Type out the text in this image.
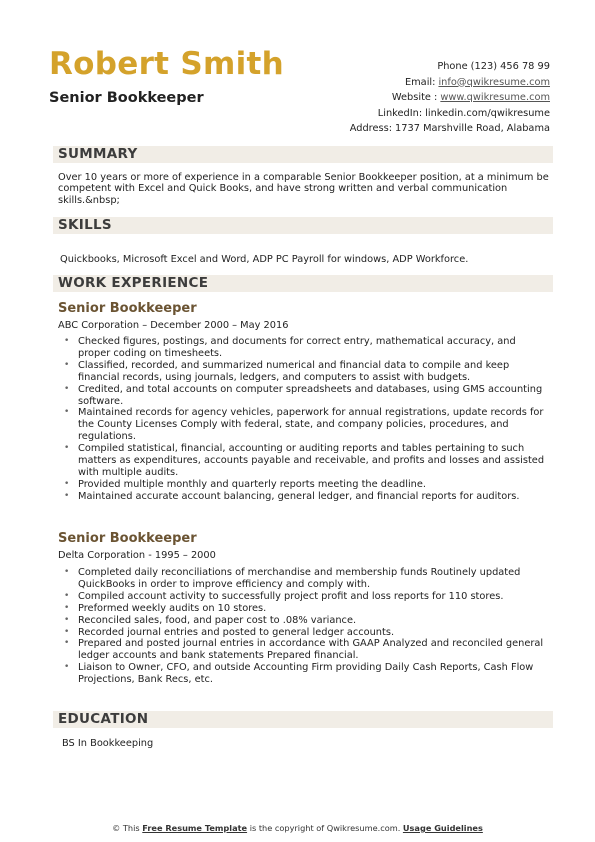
Robert Smith
Senior Bookkeeper
Phone (123) 456 78 99
Email: info@qwikresume.com
Website : www.qwikresume.com
LinkedIn: linkedin.com/qwikresume
Address: 1737 Marshville Road, Alabama
SUMMARY
Over 10 years or more of experience in a comparable Senior Bookkeeper position, at a minimum be competent with Excel and Quick Books, and have strong written and verbal communication skills.&nbsp;
SKILLS
Quickbooks, Microsoft Excel and Word, ADP PC Payroll for windows, ADP Workforce.
WORK EXPERIENCE
Senior Bookkeeper
ABC Corporation – December 2000 – May 2016
• Checked figures, postings, and documents for correct entry, mathematical accuracy, and proper coding on timesheets.
• Classified, recorded, and summarized numerical and financial data to compile and keep financial records, using journals, ledgers, and computers to assist with budgets.
• Credited, and total accounts on computer spreadsheets and databases, using GMS accounting software.
• Maintained records for agency vehicles, paperwork for annual registrations, update records for the County Licenses Comply with federal, state, and company policies, procedures, and regulations.
• Compiled statistical, financial, accounting or auditing reports and tables pertaining to such matters as expenditures, accounts payable and receivable, and profits and losses and assisted with multiple audits.
• Provided multiple monthly and quarterly reports meeting the deadline.
• Maintained accurate account balancing, general ledger, and financial reports for auditors.
Senior Bookkeeper
Delta Corporation - 1995 – 2000
• Completed daily reconciliations of merchandise and membership funds Routinely updated QuickBooks in order to improve efficiency and comply with.
• Compiled account activity to successfully project profit and loss reports for 110 stores.
• Preformed weekly audits on 10 stores.
• Reconciled sales, food, and paper cost to .08% variance.
• Recorded journal entries and posted to general ledger accounts.
• Prepared and posted journal entries in accordance with GAAP Analyzed and reconciled general ledger accounts and bank statements Prepared financial.
• Liaison to Owner, CFO, and outside Accounting Firm providing Daily Cash Reports, Cash Flow Projections, Bank Recs, etc.
EDUCATION
BS In Bookkeeping
© This Free Resume Template is the copyright of Qwikresume.com. Usage Guidelines
